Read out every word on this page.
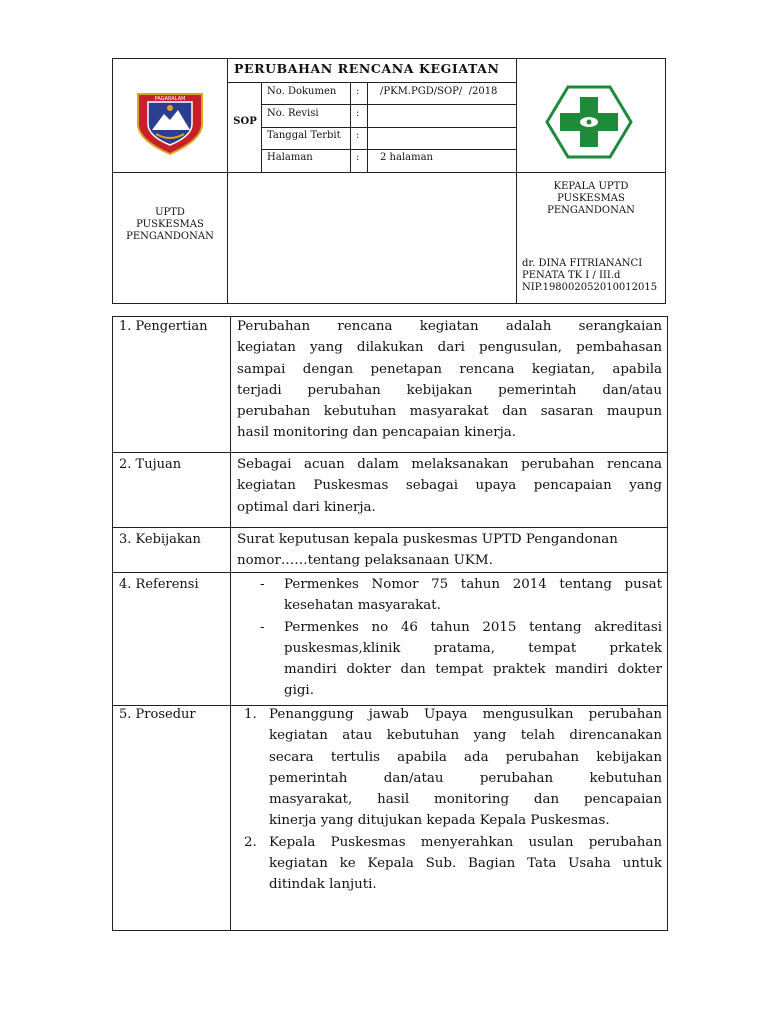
PAGARALAM
PERUBAHAN RENCANA KEGIATAN
SOP
No. Dokumen : /PKM.PGD/SOP/  /2018
No. Revisi	:
Tanggal Terbit :
Halaman	: 2 halaman
UPTD
PUSKESMAS
PENGANDONAN
KEPALA UPTD
PUSKESMAS
PENGANDONAN
dr. DINA FITRIANANCI
PENATA TK I / III.d
NIP.198002052010012015
1. Pengertian Perubahan rencana kegiatan adalah serangkaian
kegiatan yang dilakukan dari pengusulan, pembahasan
sampai dengan penetapan rencana kegiatan, apabila
terjadi perubahan kebijakan pemerintah dan/atau
perubahan kebutuhan masyarakat dan sasaran maupun
hasil monitoring dan pencapaian kinerja.
2. Tujuan	Sebagai acuan dalam melaksanakan perubahan rencana
kegiatan Puskesmas sebagai upaya pencapaian yang
optimal dari kinerja.
3. Kebijakan	Surat keputusan kepala puskesmas UPTD Pengandonan
nomor……tentang pelaksanaan UKM.
4. Referensi	- Permenkes Nomor 75 tahun 2014 tentang pusat
kesehatan masyarakat.
- Permenkes no 46 tahun 2015 tentang akreditasi
puskesmas,klinik pratama, tempat prkatek
mandiri dokter dan tempat praktek mandiri dokter
gigi.
5. Prosedur	1. Penanggung jawab Upaya mengusulkan perubahan
kegiatan atau kebutuhan yang telah direncanakan
secara tertulis apabila ada perubahan kebijakan
pemerintah dan/atau perubahan kebutuhan
masyarakat, hasil monitoring dan pencapaian
kinerja yang ditujukan kepada Kepala Puskesmas.
2. Kepala Puskesmas menyerahkan usulan perubahan
kegiatan ke Kepala Sub. Bagian Tata Usaha untuk
ditindak lanjuti.
